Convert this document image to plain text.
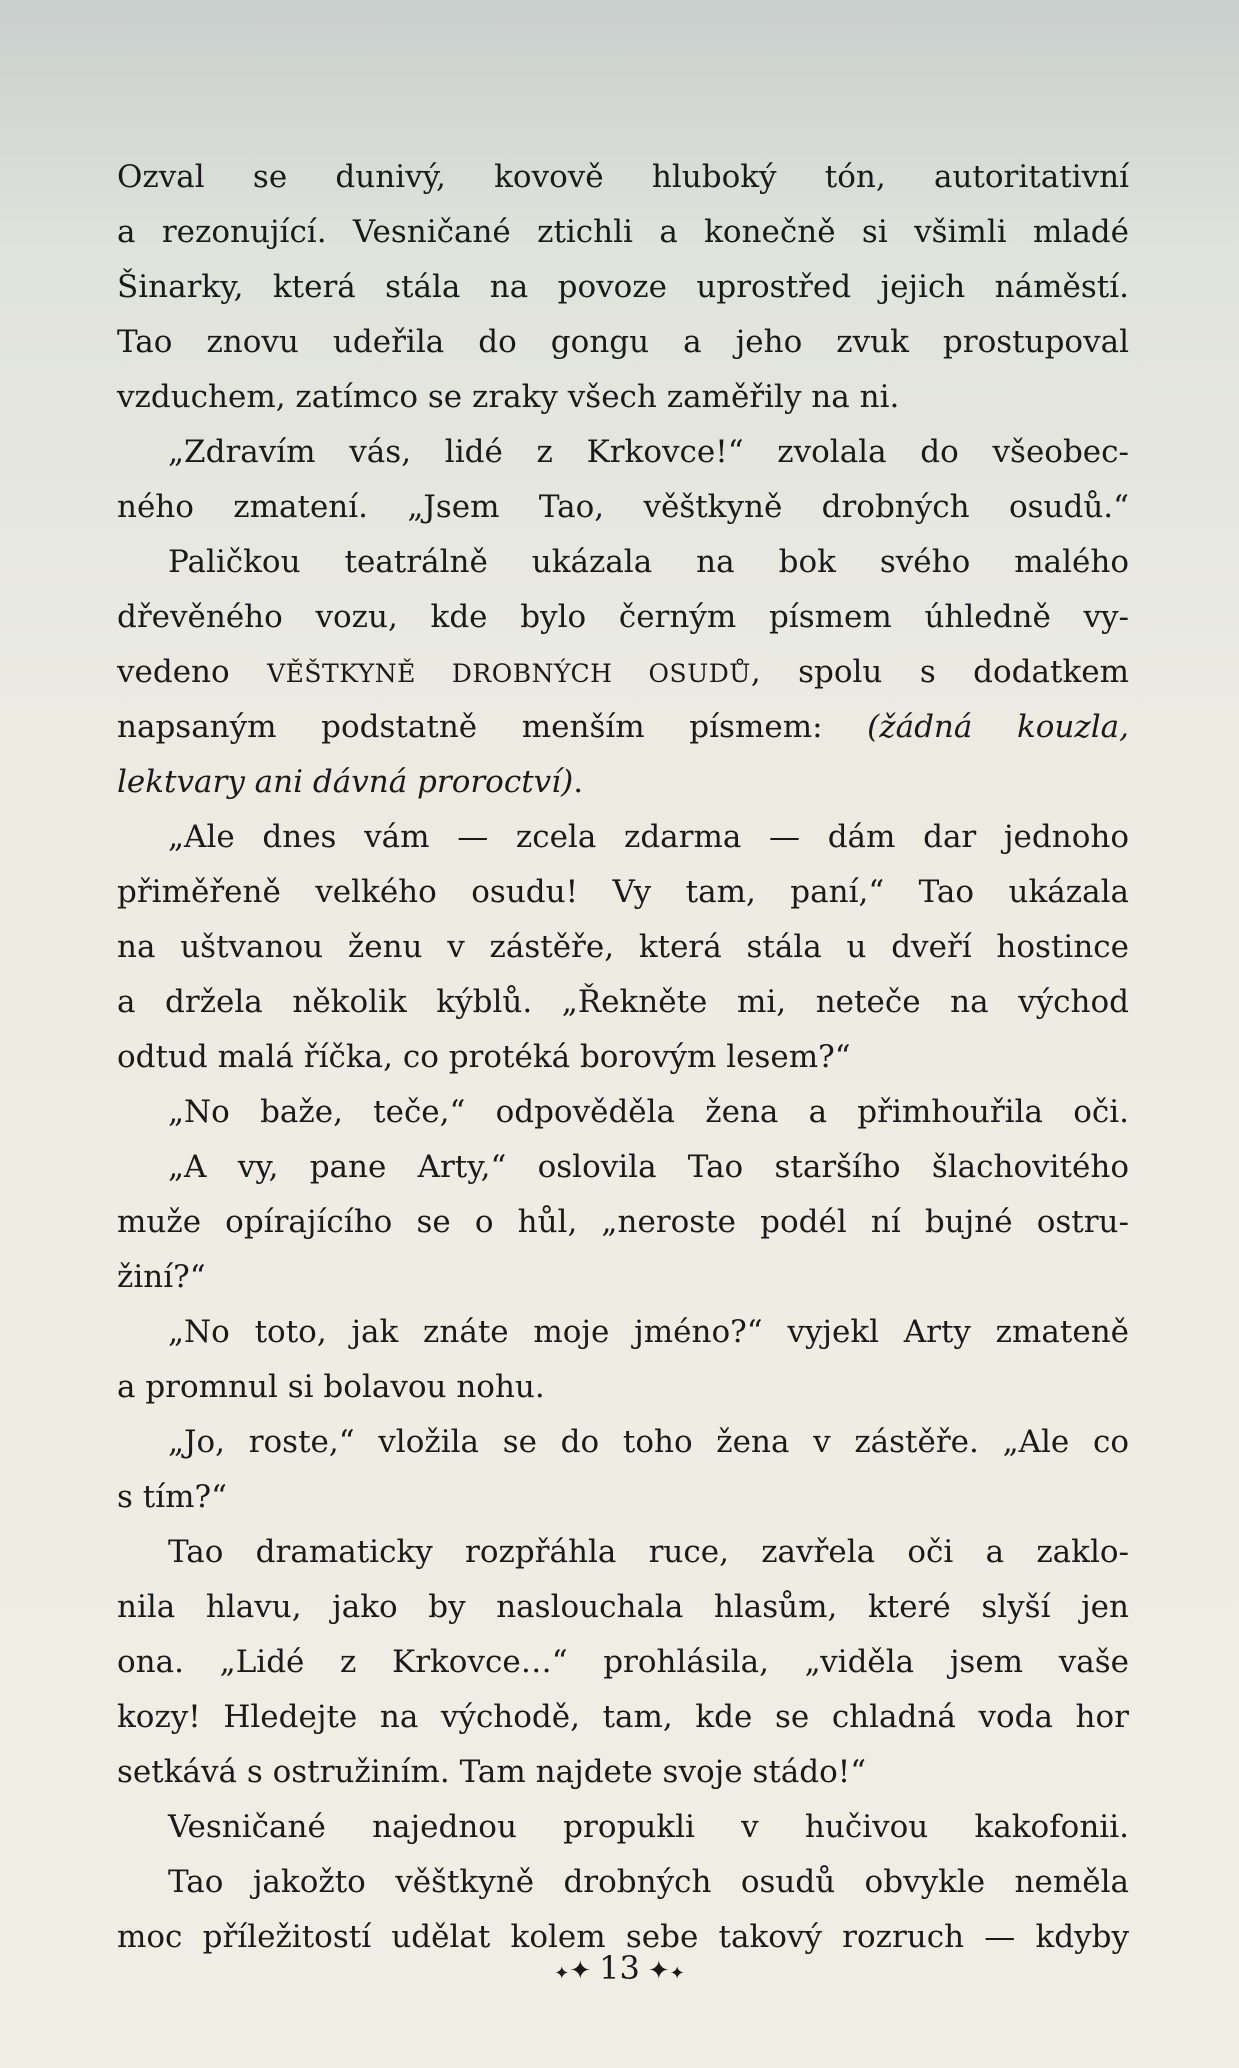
Ozval se dunivý, kovově hluboký tón, autoritativní
a rezonující. Vesničané ztichli a konečně si všimli mladé
Šinarky, která stála na povoze uprostřed jejich náměstí.
Tao znovu udeřila do gongu a jeho zvuk prostupoval
vzduchem, zatímco se zraky všech zaměřily na ni.
„Zdravím vás, lidé z Krkovce!“ zvolala do všeobec-
ného zmatení. „Jsem Tao, věštkyně drobných osudů.“
Paličkou teatrálně ukázala na bok svého malého
dřevěného vozu, kde bylo černým písmem úhledně vy-
vedeno VĚŠTKYNĚ DROBNÝCH OSUDŮ, spolu s dodatkem
napsaným podstatně menším písmem: (žádná kouzla,
lektvary ani dávná proroctví).
„Ale dnes vám — zcela zdarma — dám dar jednoho
přiměřeně velkého osudu! Vy tam, paní,“ Tao ukázala
na uštvanou ženu v zástěře, která stála u dveří hostince
a držela několik kýblů. „Řekněte mi, neteče na východ
odtud malá říčka, co protéká borovým lesem?“
„No baže, teče,“ odpověděla žena a přimhouřila oči.
„A vy, pane Arty,“ oslovila Tao staršího šlachovitého
muže opírajícího se o hůl, „neroste podél ní bujné ostru-
žiní?“
„No toto, jak znáte moje jméno?“ vyjekl Arty zmateně
a promnul si bolavou nohu.
„Jo, roste,“ vložila se do toho žena v zástěře. „Ale co
s tím?“
Tao dramaticky rozpřáhla ruce, zavřela oči a zaklo-
nila hlavu, jako by naslouchala hlasům, které slyší jen
ona. „Lidé z Krkovce…“ prohlásila, „viděla jsem vaše
kozy! Hledejte na východě, tam, kde se chladná voda hor
setkává s ostružiním. Tam najdete svoje stádo!“
Vesničané najednou propukli v hučivou kakofonii.
Tao jakožto věštkyně drobných osudů obvykle neměla
moc příležitostí udělat kolem sebe takový rozruch — kdyby
✦✦ 13 ✦✦
